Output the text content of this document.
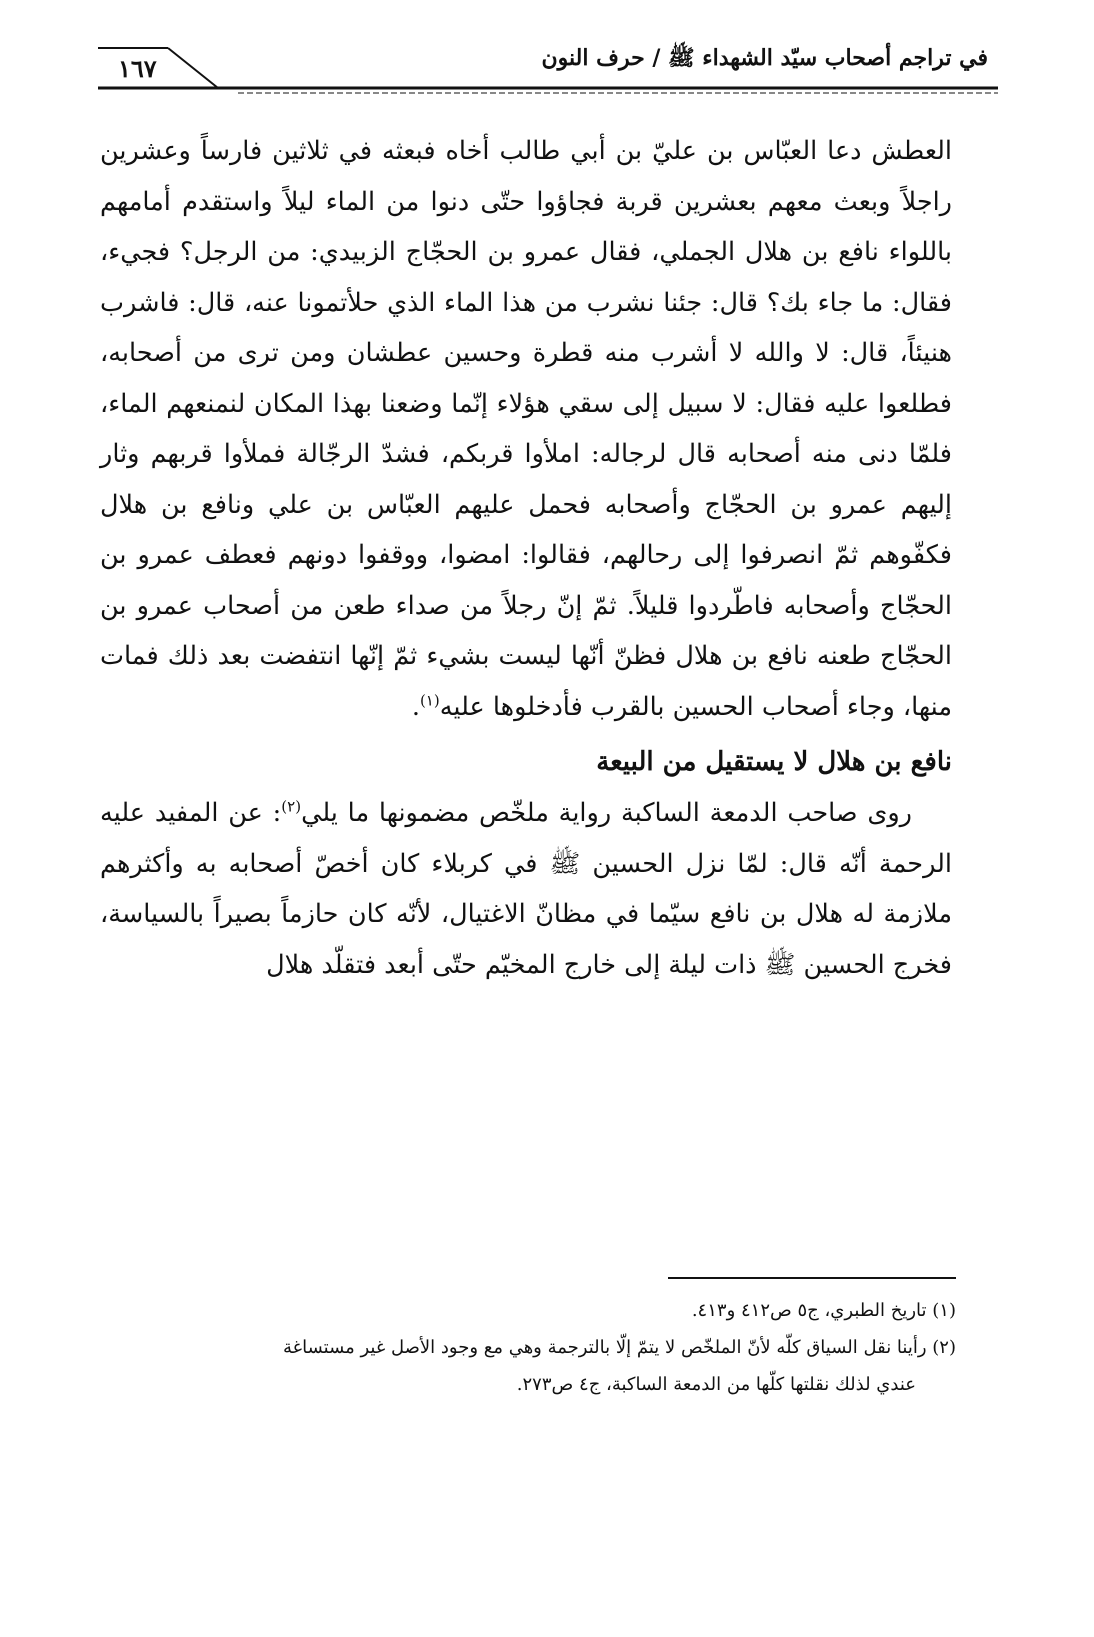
في تراجم أصحاب سيّد الشهداء ﷺ / حرف النون
١٦٧

العطش دعا العبّاس بن عليّ بن أبي طالب أخاه فبعثه في ثلاثين فارساً وعشرين راجلاً وبعث معهم بعشرين قربة فجاؤوا حتّى دنوا من الماء ليلاً واستقدم أمامهم باللواء نافع بن هلال الجملي، فقال عمرو بن الحجّاج الزبيدي: من الرجل؟ فجيء، فقال: ما جاء بك؟ قال: جئنا نشرب من هذا الماء الذي حلأتمونا عنه، قال: فاشرب هنيئاً، قال: لا والله لا أشرب منه قطرة وحسين عطشان ومن ترى من أصحابه، فطلعوا عليه فقال: لا سبيل إلى سقي هؤلاء إنّما وضعنا بهذا المكان لنمنعهم الماء، فلمّا دنى منه أصحابه قال لرجاله: املأوا قربكم، فشدّ الرجّالة فملأوا قربهم وثار إليهم عمرو بن الحجّاج وأصحابه فحمل عليهم العبّاس بن علي ونافع بن هلال فكفّوهم ثمّ انصرفوا إلى رحالهم، فقالوا: امضوا، ووقفوا دونهم فعطف عمرو بن الحجّاج وأصحابه فاطّردوا قليلاً. ثمّ إنّ رجلاً من صداء طعن من أصحاب عمرو بن الحجّاج طعنه نافع بن هلال فظنّ أنّها ليست بشيء ثمّ إنّها انتفضت بعد ذلك فمات منها، وجاء أصحاب الحسين بالقرب فأدخلوها عليه$^{(١)}$.

نافع بن هلال لا يستقيل من البيعة

روى صاحب الدمعة الساكبة رواية ملخّص مضمونها ما يلي$^{(٢)}$: عن المفيد عليه الرحمة أنّه قال: لمّا نزل الحسين ﷺ في كربلاء كان أخصّ أصحابه به وأكثرهم ملازمة له هلال بن نافع سيّما في مظانّ الاغتيال، لأنّه كان حازماً بصيراً بالسياسة، فخرج الحسين ﷺ ذات ليلة إلى خارج المخيّم حتّى أبعد فتقلّد هلال

(١) تاريخ الطبري، ج٥ ص٤١٢ و٤١٣.

(٢) رأينا نقل السياق كلّه لأنّ الملخّص لا يتمّ إلّا بالترجمة وهي مع وجود الأصل غير مستساغة

عندي لذلك نقلتها كلّها من الدمعة الساكبة، ج٤ ص٢٧٣.
